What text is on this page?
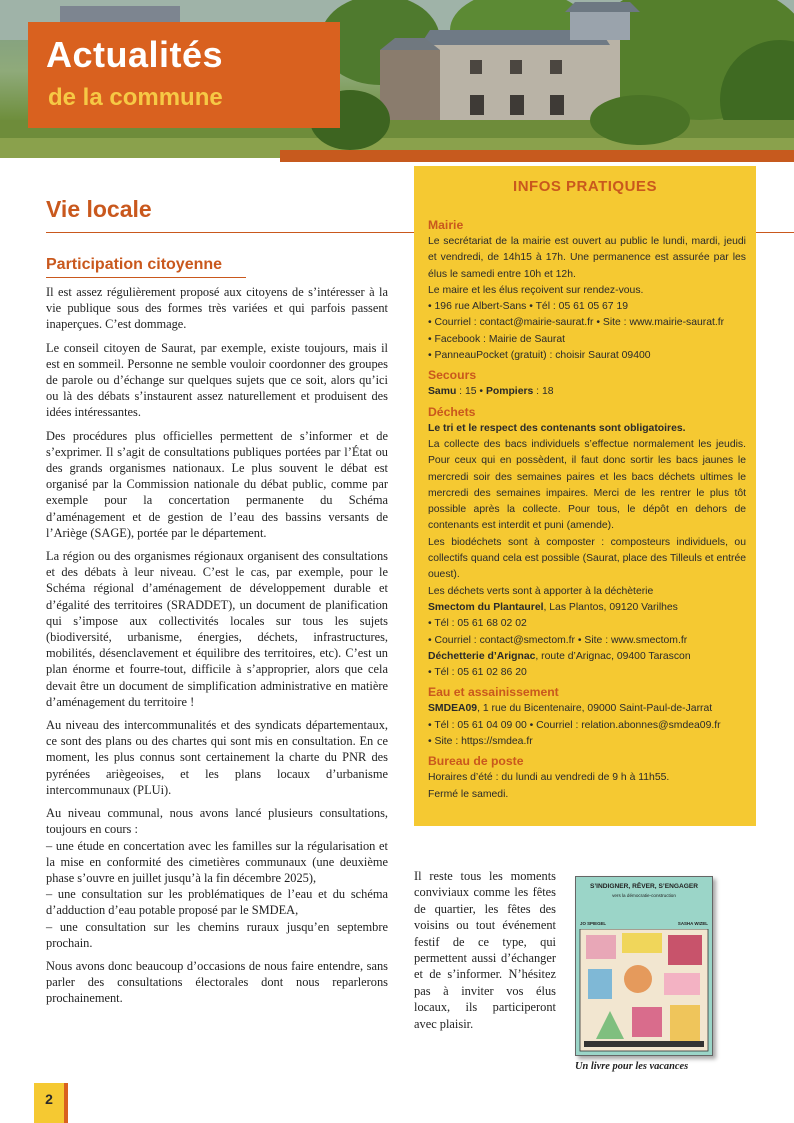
Actualités
de la commune
Vie locale
Participation citoyenne

Il est assez régulièrement proposé aux citoyens de s’intéresser à la vie publique sous des formes très variées et qui parfois passent inaperçues. C’est dommage.

Le conseil citoyen de Saurat, par exemple, existe toujours, mais il est en sommeil. Personne ne semble vouloir coordonner des groupes de parole ou d’échange sur quelques sujets que ce soit, alors qu’ici ou là des débats s’instaurent assez naturellement et produisent des idées intéressantes.

Des procédures plus officielles permettent de s’informer et de s’exprimer. Il s’agit de consultations publiques portées par l’État ou des grands organismes nationaux. Le plus souvent le débat est organisé par la Commission nationale du débat public, comme par exemple pour la concertation permanente du Schéma d’aménagement et de gestion de l’eau des bassins versants de l’Ariège (SAGE), portée par le département.

La région ou des organismes régionaux organisent des consultations et des débats à leur niveau. C’est le cas, par exemple, pour le Schéma régional d’aménagement de développement durable et d’égalité des territoires (SRADDET), un document de planification qui s’impose aux collectivités locales sur tous les sujets (biodiversité, urbanisme, énergies, déchets, infrastructures, mobilités, désenclavement et équilibre des territoires, etc). C’est un plan énorme et fourre-tout, difficile à s’approprier, alors que cela devait être un document de simplification administrative en matière d’aménagement du territoire !

Au niveau des intercommunalités et des syndicats départementaux, ce sont des plans ou des chartes qui sont mis en consultation. En ce moment, les plus connus sont certainement la charte du PNR des pyrénées ariègeoises, et les plans locaux d’urbanisme intercommunaux (PLUi).

Au niveau communal, nous avons lancé plusieurs consultations, toujours en cours :
– une étude en concertation avec les familles sur la régularisation et la mise en conformité des cimetières communaux (une deuxième phase s’ouvre en juillet jusqu’à la fin décembre 2025),
– une consultation sur les problématiques de l’eau et du schéma d’adduction d’eau potable proposé par le SMDEA,
– une consultation sur les chemins ruraux jusqu’en septembre prochain.

Nous avons donc beaucoup d’occasions de nous faire entendre, sans parler des consultations électorales dont nous reparlerons prochainement.

INFOS PRATIQUES
Mairie
Le secrétariat de la mairie est ouvert au public le lundi, mardi, jeudi et vendredi, de 14h15 à 17h. Une permanence est assurée par les élus le samedi entre 10h et 12h.
Le maire et les élus reçoivent sur rendez-vous.
• 196 rue Albert-Sans • Tél : 05 61 05 67 19
• Courriel : contact@mairie-saurat.fr • Site : www.mairie-saurat.fr
• Facebook : Mairie de Saurat
• PanneauPocket (gratuit) : choisir Saurat 09400
Secours
Samu : 15 • Pompiers : 18
Déchets
Le tri et le respect des contenants sont obligatoires.
La collecte des bacs individuels s’effectue normalement les jeudis. Pour ceux qui en possèdent, il faut donc sortir les bacs jaunes le mercredi soir des semaines paires et les bacs déchets ultimes le mercredi des semaines impaires. Merci de les rentrer le plus tôt possible après la collecte. Pour tous, le dépôt en dehors de contenants est interdit et puni (amende).
Les biodéchets sont à composter : composteurs individuels, ou collectifs quand cela est possible (Saurat, place des Tilleuls et entrée ouest).
Les déchets verts sont à apporter à la déchèterie
Smectom du Plantaurel, Las Plantos, 09120 Varilhes
• Tél : 05 61 68 02 02
• Courriel : contact@smectom.fr • Site : www.smectom.fr
Déchetterie d’Arignac, route d’Arignac, 09400 Tarascon
• Tél : 05 61 02 86 20
Eau et assainissement
SMDEA09, 1 rue du Bicentenaire, 09000 Saint-Paul-de-Jarrat
• Tél : 05 61 04 09 00 • Courriel : relation.abonnes@smdea09.fr
• Site : https://smdea.fr
Bureau de poste
Horaires d’été : du lundi au vendredi de 9 h à 11h55.
Fermé le samedi.
Il reste tous les moments conviviaux comme les fêtes de quartier, les fêtes des voisins ou tout événement festif de ce type, qui permettent aussi d’échanger et de s’informer. N’hésitez pas à inviter vos élus locaux, ils participeront avec plaisir.
S’INDIGNER, RÊVER, S’ENGAGER
vers la démocratie-construction
JO SPIEGEL	SASHA WIZEL
Un livre pour les vacances
2
